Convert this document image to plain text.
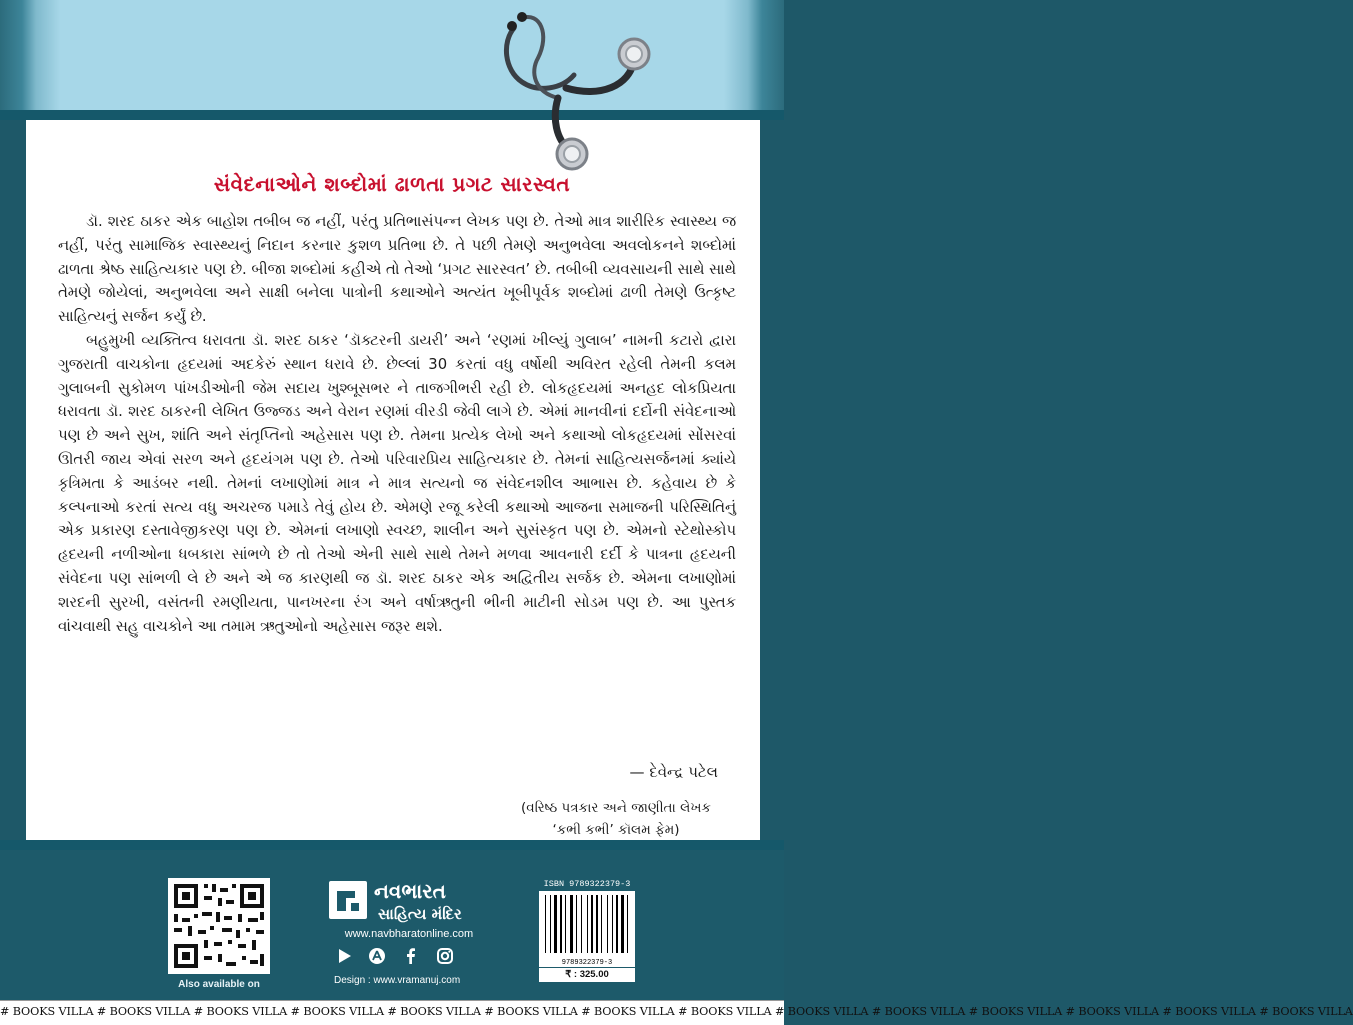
સંવેદનાઓને શબ્દોમાં ઢાળતા પ્રગટ સારસ્વત

ડૉ. શરદ ઠાકર એક બાહોશ તબીબ જ નહીં, પરંતુ પ્રતિભાસંપન્ન લેખક પણ છે. તેઓ માત્ર શારીરિક સ્વાસ્થ્ય જ નહીં, પરંતુ સામાજિક સ્વાસ્થ્યનું નિદાન કરનાર કુશળ પ્રતિભા છે. તે પછી તેમણે અનુભવેલા અવલોકનને શબ્દોમાં ઢાળતા શ્રેષ્ઠ સાહિત્યકાર પણ છે. બીજા શબ્દોમાં કહીએ તો તેઓ ‘પ્રગટ સારસ્વત’ છે. તબીબી વ્યવસાયની સાથે સાથે તેમણે જોયેલાં, અનુભવેલા અને સાક્ષી બનેલા પાત્રોની કથાઓને અત્યંત ખૂબીપૂર્વક શબ્દોમાં ઢાળી તેમણે ઉત્કૃષ્ટ સાહિત્યનું સર્જન કર્યું છે.

બહુમુખી વ્યક્તિત્વ ધરાવતા ડૉ. શરદ ઠાકર ‘ડૉક્ટરની ડાયરી’ અને ‘રણમાં ખીલ્યું ગુલાબ’ નામની કટારો દ્વારા ગુજરાતી વાચકોના હૃદયમાં અદકેરું સ્થાન ધરાવે છે. છેલ્લાં 30 કરતાં વધુ વર્ષોથી અવિરત રહેલી તેમની કલમ ગુલાબની સુકોમળ પાંખડીઓની જેમ સદાય ખુશ્બૂસભર ને તાજગીભરી રહી છે. લોકહૃદયમાં અનહદ લોકપ્રિયતા ધરાવતા ડૉ. શરદ ઠાકરની લેખિત ઉજ્જડ અને વેરાન રણમાં વીરડી જેવી લાગે છે. એમાં માનવીનાં દર્દોની સંવેદનાઓ પણ છે અને સુખ, શાંતિ અને સંતૃપ્તિનો અહેસાસ પણ છે. તેમના પ્રત્યેક લેખો અને કથાઓ લોકહૃદયમાં સોંસરવાં ઊતરી જાય એવાં સરળ અને હૃદયંગમ પણ છે. તેઓ પરિવારપ્રિય સાહિત્યકાર છે. તેમનાં સાહિત્યસર્જનમાં ક્યાંયે કૃત્રિમતા કે આડંબર નથી. તેમનાં લખાણોમાં માત્ર ને માત્ર સત્યનો જ સંવેદનશીલ આભાસ છે. કહેવાય છે કે કલ્પનાઓ કરતાં સત્ય વધુ અચરજ પમાડે તેવું હોય છે. એમણે રજૂ કરેલી કથાઓ આજના સમાજની પરિસ્થિતિનું એક પ્રકારણ દસ્તાવેજીકરણ પણ છે. એમનાં લખાણો સ્વચ્છ, શાલીન અને સુસંસ્કૃત પણ છે. એમનો સ્ટેથોસ્કોપ હૃદયની નળીઓના ધબકારા સાંભળે છે તો તેઓ એની સાથે સાથે તેમને મળવા આવનારી દર્દી કે પાત્રના હૃદયની સંવેદના પણ સાંભળી લે છે અને એ જ કારણથી જ ડૉ. શરદ ઠાકર એક અદ્વિતીય સર્જક છે. એમના લખાણોમાં શરદની સુરખી, વસંતની રમણીયતા, પાનખરના રંગ અને વર્ષાઋતુની ભીની માટીની સોડમ પણ છે. આ પુસ્તક વાંચવાથી સહુ વાચકોને આ તમામ ઋતુઓનો અહેસાસ જરૂર થશે.

— દેવેન્દ્ર પટેલ

(વરિષ્ઠ પત્રકાર અને જાણીતા લેખક

‘કભી કભી’ કૉલમ ફેમ)

Also available on

નવભારત

સાહિત્ય મંદિર

www.navbharatonline.com

Design : www.vramanuj.com

ISBN 9789322379-3

9789322379-3

₹ : 325.00

# BOOKS VILLA # BOOKS VILLA # BOOKS VILLA # BOOKS VILLA # BOOKS VILLA # BOOKS VILLA # BOOKS VILLA # BOOKS VILLA # BOOKS VILLA # BOOKS VILLA # BOOKS VILLA # BOOKS VILLA # BOOKS VILLA # BOOKS VILLA
